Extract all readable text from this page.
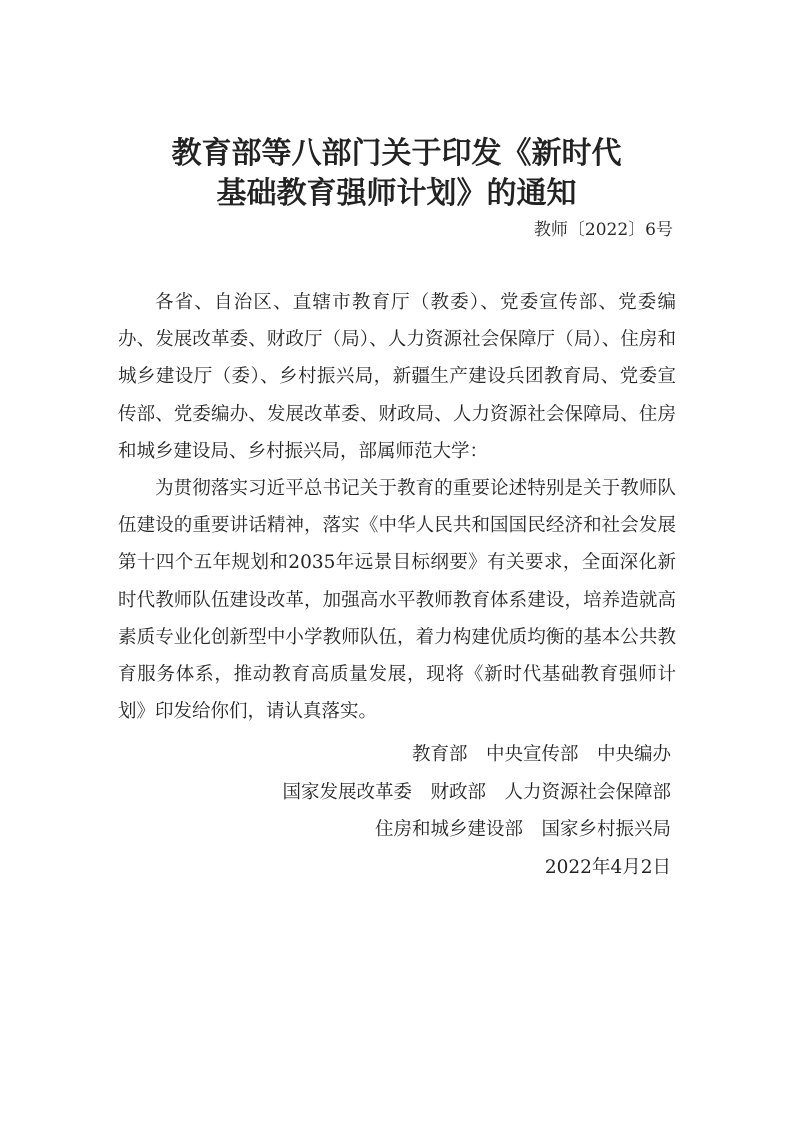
教育部等八部门关于印发《新时代
基础教育强师计划》的通知
教师〔2022〕6号

各省、自治区、直辖市教育厅（教委）、党委宣传部、党委编办、发展改革委、财政厅（局）、人力资源社会保障厅（局）、住房和城乡建设厅（委）、乡村振兴局，新疆生产建设兵团教育局、党委宣传部、党委编办、发展改革委、财政局、人力资源社会保障局、住房和城乡建设局、乡村振兴局，部属师范大学：

为贯彻落实习近平总书记关于教育的重要论述特别是关于教师队伍建设的重要讲话精神，落实《中华人民共和国国民经济和社会发展第十四个五年规划和2035年远景目标纲要》有关要求，全面深化新时代教师队伍建设改革，加强高水平教师教育体系建设，培养造就高素质专业化创新型中小学教师队伍，着力构建优质均衡的基本公共教育服务体系，推动教育高质量发展，现将《新时代基础教育强师计划》印发给你们，请认真落实。

教育部　中央宣传部　中央编办
国家发展改革委　财政部　人力资源社会保障部
住房和城乡建设部　国家乡村振兴局
2022年4月2日
